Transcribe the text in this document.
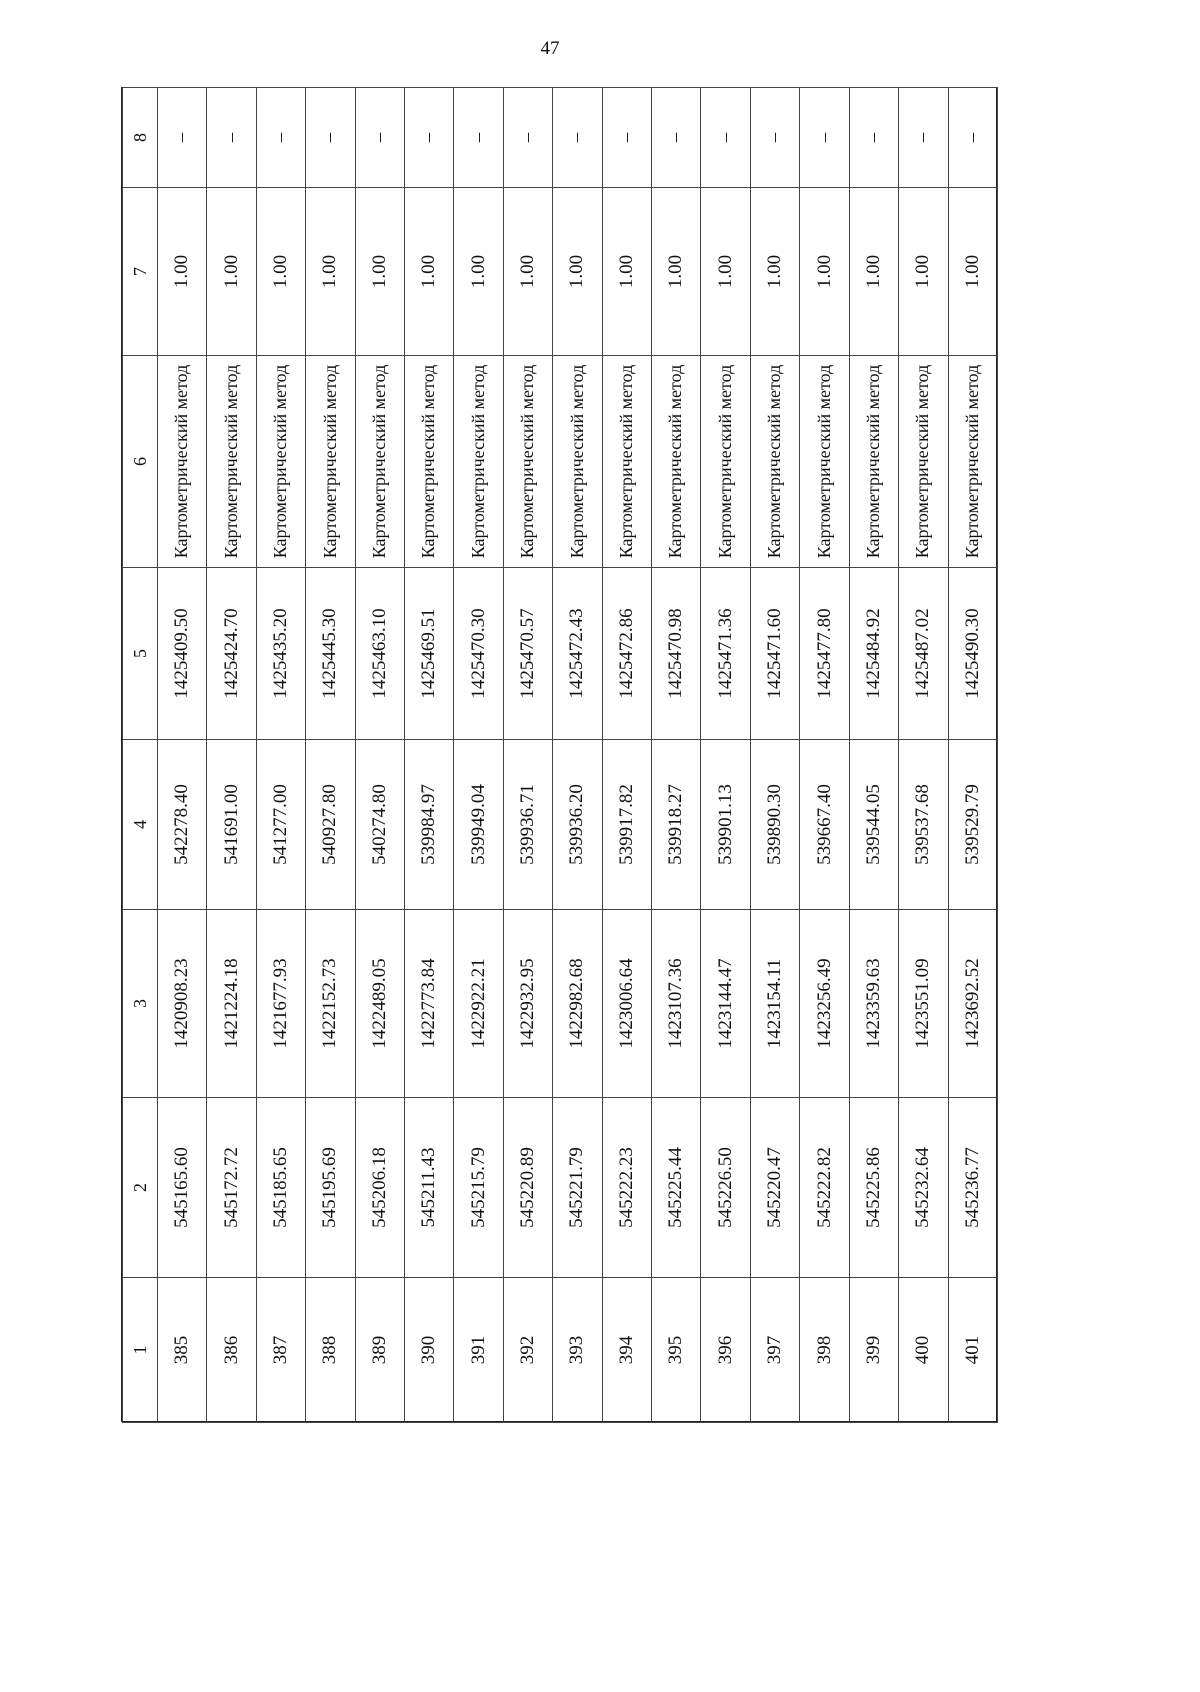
47
1	2	3	4	5	6	7	8
385	545165.60	1420908.23	542278.40	1425409.50	Картометрический метод	1.00	–
386	545172.72	1421224.18	541691.00	1425424.70	Картометрический метод	1.00	–
387	545185.65	1421677.93	541277.00	1425435.20	Картометрический метод	1.00	–
388	545195.69	1422152.73	540927.80	1425445.30	Картометрический метод	1.00	–
389	545206.18	1422489.05	540274.80	1425463.10	Картометрический метод	1.00	–
390	545211.43	1422773.84	539984.97	1425469.51	Картометрический метод	1.00	–
391	545215.79	1422922.21	539949.04	1425470.30	Картометрический метод	1.00	–
392	545220.89	1422932.95	539936.71	1425470.57	Картометрический метод	1.00	–
393	545221.79	1422982.68	539936.20	1425472.43	Картометрический метод	1.00	–
394	545222.23	1423006.64	539917.82	1425472.86	Картометрический метод	1.00	–
395	545225.44	1423107.36	539918.27	1425470.98	Картометрический метод	1.00	–
396	545226.50	1423144.47	539901.13	1425471.36	Картометрический метод	1.00	–
397	545220.47	1423154.11	539890.30	1425471.60	Картометрический метод	1.00	–
398	545222.82	1423256.49	539667.40	1425477.80	Картометрический метод	1.00	–
399	545225.86	1423359.63	539544.05	1425484.92	Картометрический метод	1.00	–
400	545232.64	1423551.09	539537.68	1425487.02	Картометрический метод	1.00	–
401	545236.77	1423692.52	539529.79	1425490.30	Картометрический метод	1.00	–
